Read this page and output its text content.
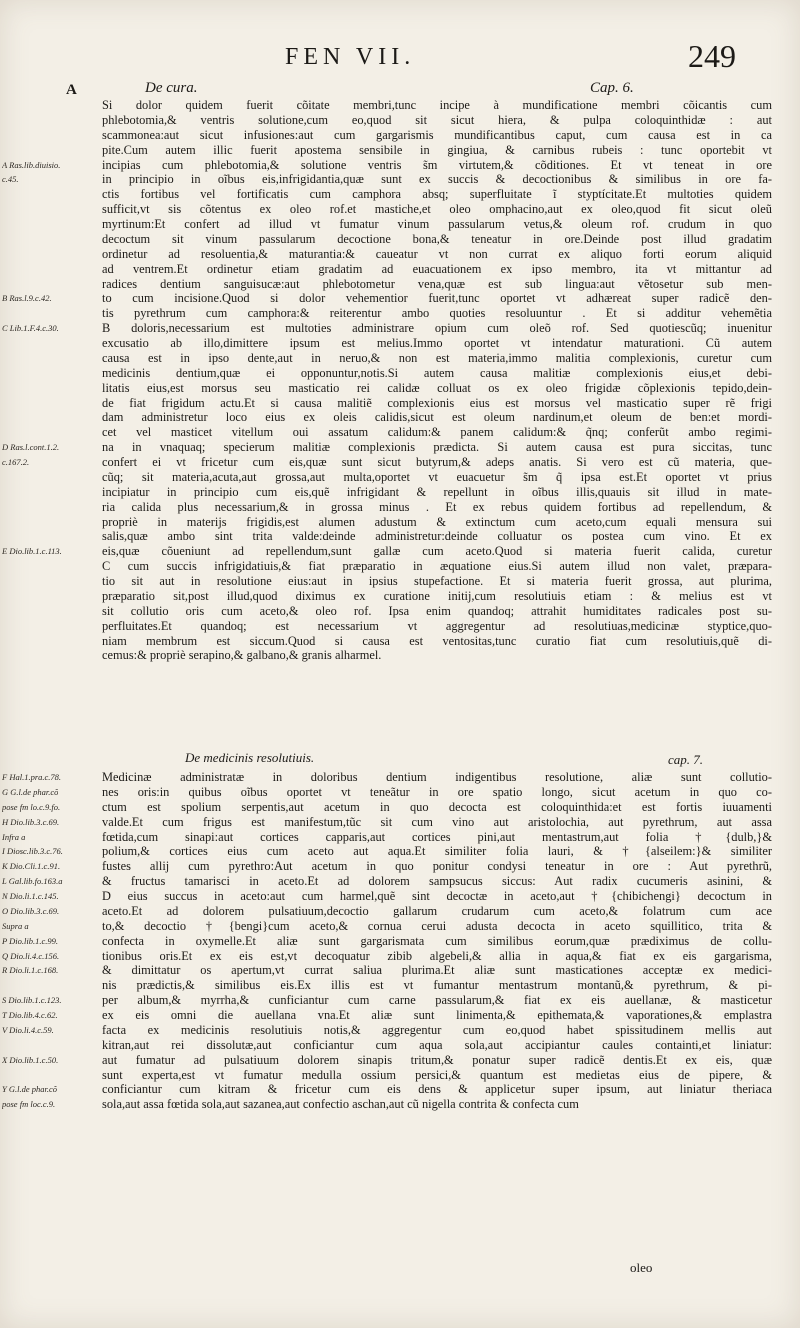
FEN VII.	249
A	De cura.	Cap. 6.
Si dolor quidem fuerit cõitate membri,tunc incipe à mundificatione membri cõicantis cum
phlebotomia,& ventris solutione,cum eo,quod sit sicut hiera, & pulpa coloquinthidæ : aut
scammonea:aut sicut infusiones:aut cum gargarismis mundificantibus caput, cum causa est in ca
pite.Cum autem illic fuerit apostema sensibile in gingiua, & carnibus rubeis : tunc oportebit vt
incipias cum phlebotomia,& solutione ventris s̃m virtutem,& cõditiones. Et vt teneat in ore
in principio in oĩbus eis,infrigidantia,quæ sunt ex succis & decoctionibus & similibus in ore fa-
ctis fortibus vel fortificatis cum camphora absq; superfluitate ĩ styptícitate.Et multoties quidem
sufficit,vt sis cõtentus ex oleo rof.et mastiche,et oleo omphacino,aut ex oleo,quod fit sicut oleũ
myrtinum:Et confert ad illud vt fumatur vinum passularum vetus,& oleum rof. crudum in quo
decoctum sit vinum passularum decoctione bona,& teneatur in ore.Deinde post illud gradatim
ordinetur ad resoluentia,& maturantia:& caueatur vt non currat ex aliquo forti eorum aliquid
ad ventrem.Et ordinetur etiam gradatim ad euacuationem ex ipso membro, ita vt mittantur ad
radices dentium sanguisucæ:aut phlebotometur vena,quæ est sub lingua:aut vẽtosetur sub men-
to cum incisione.Quod si dolor vehementior fuerit,tunc oportet vt adhæreat super radicẽ den-
tis pyrethrum cum camphora:& reiterentur ambo quoties resoluuntur . Et si additur vehemẽtia
B doloris,necessarium est multoties administrare opium cum oleõ rof. Sed quotiescũq; inuenitur
excusatio ab illo,dimittere ipsum est melius.Immo oportet vt intendatur maturationi. Cũ autem
causa est in ipso dente,aut in neruo,& non est materia,immo malitia complexionis, curetur cum
medicinis dentium,quæ ei opponuntur,notis.Si autem causa malitiæ complexionis eius,et debi-
litatis eius,est morsus seu masticatio rei calidæ colluat os ex oleo frigidæ cõplexionis tepido,dein-
de fiat frigidum actu.Et si causa malitiẽ complexionis eius est morsus vel masticatio super rẽ frigi
dam administretur loco eius ex oleis calidis,sicut est oleum nardinum,et oleum de ben:et mordi-
cet vel masticet vitellum oui assatum calidum:& panem calidum:& q̃nq; conferũt ambo regimi-
na in vnaquaq; specierum malitiæ complexionis prædicta. Si autem causa est pura siccitas, tunc
confert ei vt fricetur cum eis,quæ sunt sicut butyrum,& adeps anatis. Si vero est cũ materia, que-
cũq; sit materia,acuta,aut grossa,aut multa,oportet vt euacuetur s̃m q̃ ipsa est.Et oportet vt prius
incipiatur in principio cum eis,quẽ infrigidant & repellunt in oĩbus illis,quauis sit illud in mate-
ria calida plus necessarium,& in grossa minus . Et ex rebus quidem fortibus ad repellendum, &
propriè in materijs frigidis,est alumen adustum & extinctum cum aceto,cum equali mensura sui
salis,quæ ambo sint trita valde:deinde administretur:deinde colluatur os postea cum vino. Et ex
eis,quæ cõueniunt ad repellendum,sunt gallæ cum aceto.Quod si materia fuerit calida, curetur
C cum succis infrigidatiuis,& fiat præparatio in æquatione eius.Si autem illud non valet, præpara-
tio sit aut in resolutione eius:aut in ipsius stupefactione. Et si materia fuerit grossa, aut plurima,
præparatio sit,post illud,quod diximus ex curatione initij,cum resolutiuis etiam : & melius est vt
sit collutio oris cum aceto,& oleo rof. Ipsa enim quandoq; attrahit humiditates radicales post su-
perfluitates.Et quandoq; est necessarium vt aggregentur ad resolutiuas,medicinæ styptice,quo-
niam membrum est siccum.Quod si causa est ventositas,tunc curatio fiat cum resolutiuis,quẽ di-
cemus:& propriè serapino,& galbano,& granis alharmel.
A Ras.lib.diuisio.
c.45.
B Ras.l.9.c.42.
C Lib.1.F.4.c.30.
D Ras.l.cont.1.2.
c.167.2.
E Dio.lib.1.c.113.
De medicinis resolutiuis.	cap. 7.
Medicinæ administratæ in doloribus dentium indigentibus resolutione, aliæ sunt collutio-
nes oris:in quibus oĩbus oportet vt teneãtur in ore spatio longo, sicut acetum in quo co-
ctum est spolium serpentis,aut acetum in quo decocta est coloquinthida:et est fortis iuuamenti
valde.Et cum frigus est manifestum,tũc sit cum vino aut aristolochia, aut pyrethrum, aut assa
fœtida,cum sinapi:aut cortices capparis,aut cortices pini,aut mentastrum,aut folia †{dulb,}&
polium,& cortices eius cum aceto aut aqua.Et similiter folia lauri, & †{alseilem:}& similiter
fustes allij cum pyrethro:Aut acetum in quo ponitur condysi teneatur in ore : Aut pyrethrũ,
& fructus tamarisci in aceto.Et ad dolorem sampsucus siccus: Aut radix cucumeris asinini, &
D eius succus in aceto:aut cum harmel,quẽ sint decoctæ in aceto,aut †{chibichengi} decoctum in
aceto.Et ad dolorem pulsatiuum,decoctio gallarum crudarum cum aceto,& folatrum cum ace
to,& decoctio †{bengi}cum aceto,& cornua cerui adusta decocta in aceto squillitico, trita &
confecta in oxymelle.Et aliæ sunt gargarismata cum similibus eorum,quæ prædiximus de collu-
tionibus oris.Et ex eis est,vt decoquatur zibib algebeli,& allia in aqua,& fiat ex eis gargarisma,
& dimittatur os apertum,vt currat saliua plurima.Et aliæ sunt masticationes acceptæ ex medici-
nis prædictis,& similibus eis.Ex illis est vt fumantur mentastrum montanũ,& pyrethrum, & pi-
per album,& myrrha,& cunficiantur cum carne passularum,& fiat ex eis auellanæ, & masticetur
ex eis omni die auellana vna.Et aliæ sunt linimenta,& epithemata,& vaporationes,& emplastra
facta ex medicinis resolutiuis notis,& aggregentur cum eo,quod habet spissitudinem mellis aut
kitran,aut rei dissolutæ,aut conficiantur cum aqua sola,aut accipiantur caules containti,et liniatur:
aut fumatur ad pulsatiuum dolorem sinapis tritum,& ponatur super radicẽ dentis.Et ex eis, quæ
sunt experta,est vt fumatur medulla ossium persici,& quantum est medietas eius de pipere, &
conficiantur cum kitram & fricetur cum eis dens & applicetur super ipsum, aut liniatur theriaca
sola,aut assa fœtida sola,aut sazanea,aut confectio aschan,aut cũ nigella contrita & confecta cum
F Hal.1.pra.c.78.
G G.l.de phar.cõ
pose fm lo.c.9.fo.
H Dio.lib.3.c.69.
Infra a
I Diosc.lib.3.c.76.
K Dio.Cli.1.c.91.
L Gal.lib.fo.163.a
N Dio.li.1.c.145.
O Dio.lib.3.c.69.
Supra a
P Dio.lib.1.c.99.
Q Dio.li.4.c.156.
R Dio.li.1.c.168.
S Dio.lib.1.c.123.
T Dio.lib.4.c.62.
V Dio.li.4.c.59.
X Dio.lib.1.c.50.
Y G.l.de phar.cõ
pose fm loc.c.9.
oleo
